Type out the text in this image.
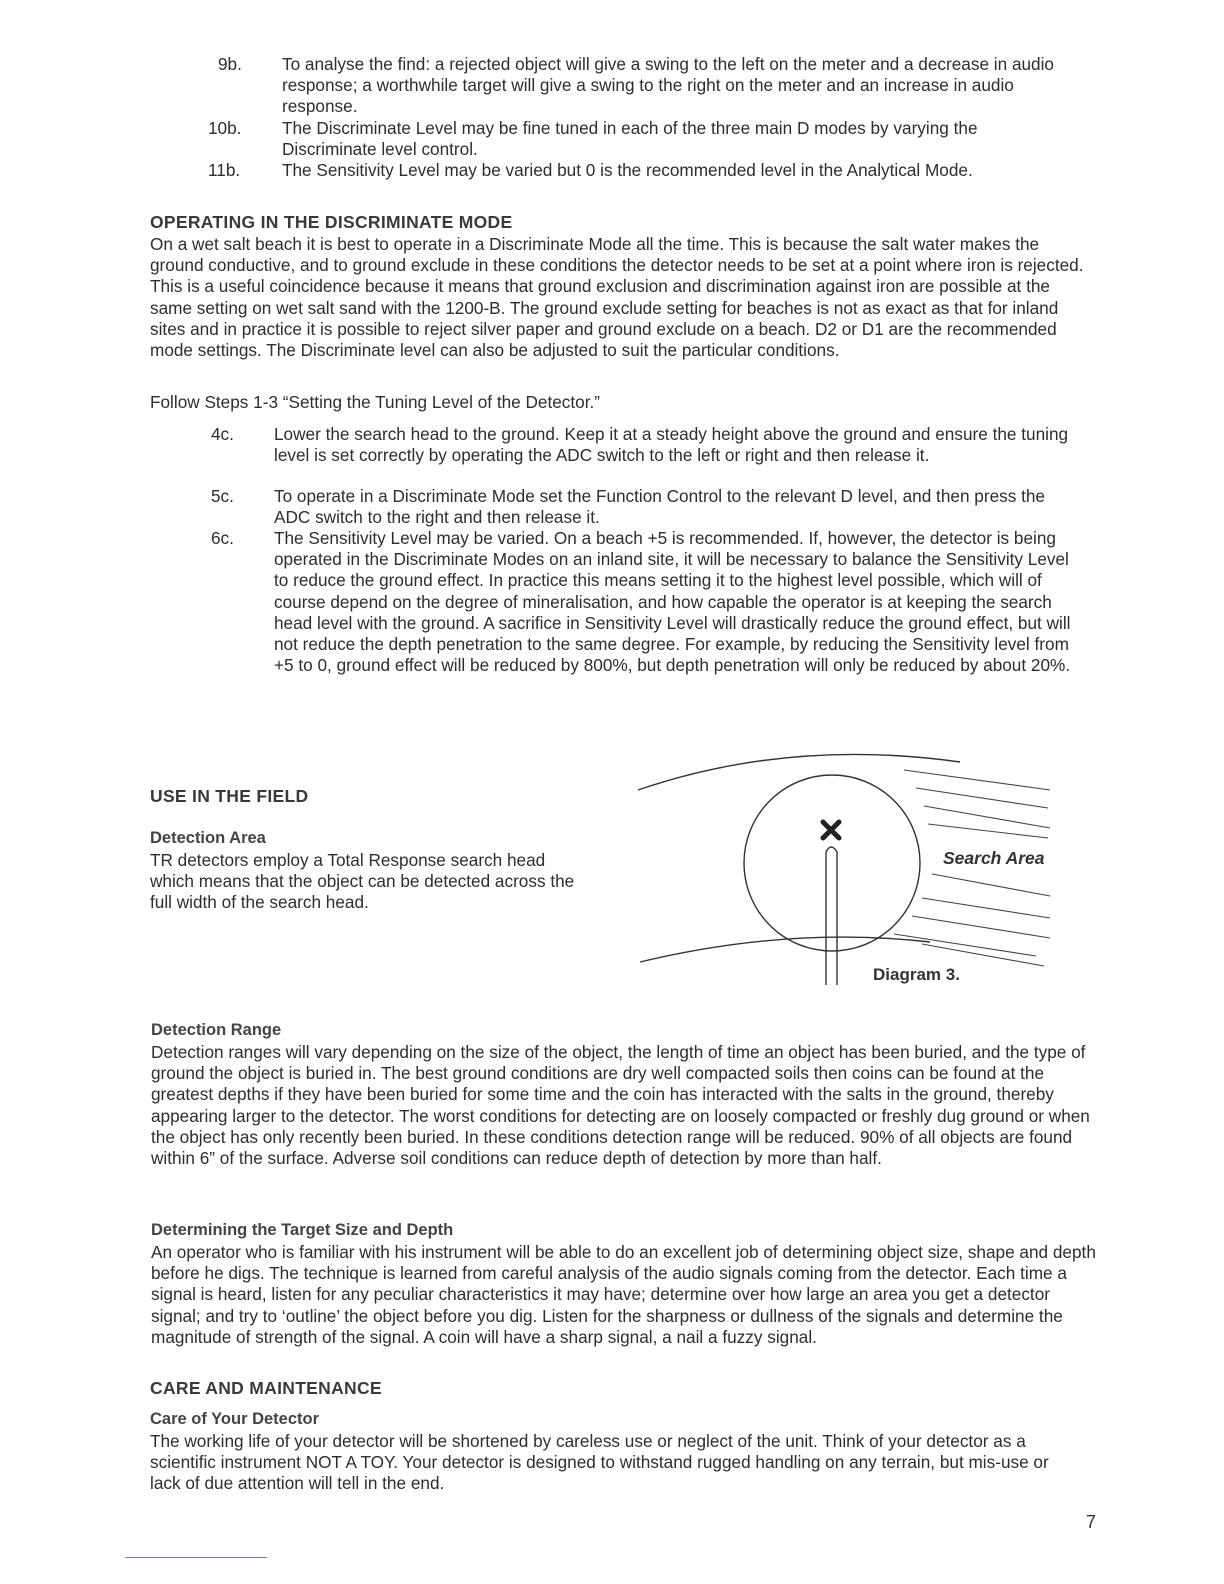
9b.	To analyse the find: a rejected object will give a swing to the left on the meter and a decrease in audio response; a worthwhile target will give a swing to the right on the meter and an increase in audio response.
10b.	The Discriminate Level may be fine tuned in each of the three main D modes by varying the Discriminate level control.
11b.	The Sensitivity Level may be varied but 0 is the recommended level in the Analytical Mode.
OPERATING IN THE DISCRIMINATE MODE
On a wet salt beach it is best to operate in a Discriminate Mode all the time. This is because the salt water makes the ground conductive, and to ground exclude in these conditions the detector needs to be set at a point where iron is rejected. This is a useful coincidence because it means that ground exclusion and discrimination against iron are possible at the same setting on wet salt sand with the 1200-B. The ground exclude setting for beaches is not as exact as that for inland sites and in practice it is possible to reject silver paper and ground exclude on a beach. D2 or D1 are the recommended mode settings. The Discriminate level can also be adjusted to suit the particular conditions.
Follow Steps 1-3 “Setting the Tuning Level of the Detector.”
4c.	Lower the search head to the ground. Keep it at a steady height above the ground and ensure the tuning level is set correctly by operating the ADC switch to the left or right and then release it.
5c.	To operate in a Discriminate Mode set the Function Control to the relevant D level, and then press the ADC switch to the right and then release it.
6c.	The Sensitivity Level may be varied. On a beach +5 is recommended. If, however, the detector is being operated in the Discriminate Modes on an inland site, it will be necessary to balance the Sensitivity Level to reduce the ground effect. In practice this means setting it to the highest level possible, which will of course depend on the degree of mineralisation, and how capable the operator is at keeping the search head level with the ground. A sacrifice in Sensitivity Level will drastically reduce the ground effect, but will not reduce the depth penetration to the same degree. For example, by reducing the Sensitivity level from +5 to 0, ground effect will be reduced by 800%, but depth penetration will only be reduced by about 20%.
USE IN THE FIELD
Detection Area
TR detectors employ a Total Response search head which means that the object can be detected across the full width of the search head.
Search Area
Diagram 3.
Detection Range
Detection ranges will vary depending on the size of the object, the length of time an object has been buried, and the type of ground the object is buried in. The best ground conditions are dry well compacted soils then coins can be found at the greatest depths if they have been buried for some time and the coin has interacted with the salts in the ground, thereby appearing larger to the detector. The worst conditions for detecting are on loosely compacted or freshly dug ground or when the object has only recently been buried. In these conditions detection range will be reduced. 90% of all objects are found within 6” of the surface. Adverse soil conditions can reduce depth of detection by more than half.
Determining the Target Size and Depth
An operator who is familiar with his instrument will be able to do an excellent job of determining object size, shape and depth before he digs. The technique is learned from careful analysis of the audio signals coming from the detector. Each time a signal is heard, listen for any peculiar characteristics it may have; determine over how large an area you get a detector signal; and try to ‘outline’ the object before you dig. Listen for the sharpness or dullness of the signals and determine the magnitude of strength of the signal. A coin will have a sharp signal, a nail a fuzzy signal.
CARE AND MAINTENANCE
Care of Your Detector
The working life of your detector will be shortened by careless use or neglect of the unit. Think of your detector as a scientific instrument NOT A TOY. Your detector is designed to withstand rugged handling on any terrain, but mis-use or lack of due attention will tell in the end.
7
